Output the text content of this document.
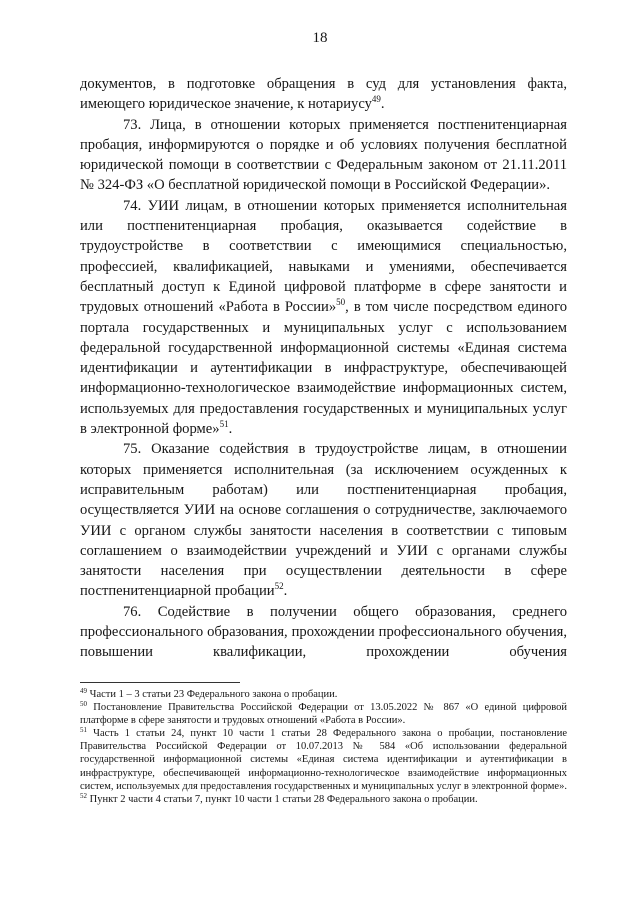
18

документов, в подготовке обращения в суд для установления факта, имеющего юридическое значение, к нотариусу$^{49}$.

73. Лица, в отношении которых применяется постпенитенциарная пробация, информируются о порядке и об условиях получения бесплатной юридической помощи в соответствии с Федеральным законом от 21.11.2011 № 324-ФЗ «О бесплатной юридической помощи в Российской Федерации».

74. УИИ лицам, в отношении которых применяется исполнительная или постпенитенциарная пробация, оказывается содействие в трудоустройстве в соответствии с имеющимися специальностью, профессией, квалификацией, навыками и умениями, обеспечивается бесплатный доступ к Единой цифровой платформе в сфере занятости и трудовых отношений «Работа в России»$^{50}$, в том числе посредством единого портала государственных и муниципальных услуг с использованием федеральной государственной информационной системы «Единая система идентификации и аутентификации в инфраструктуре, обеспечивающей информационно-технологическое взаимодействие информационных систем, используемых для предоставления государственных и муниципальных услуг в электронной форме»$^{51}$.

75. Оказание содействия в трудоустройстве лицам, в отношении которых применяется исполнительная (за исключением осужденных к исправительным работам) или постпенитенциарная пробация, осуществляется УИИ на основе соглашения о сотрудничестве, заключаемого УИИ с органом службы занятости населения в соответствии с типовым соглашением о взаимодействии учреждений и УИИ с органами службы занятости населения при осуществлении деятельности в сфере постпенитенциарной пробации$^{52}$.

76. Содействие в получении общего образования, среднего профессионального образования, прохождении профессионального обучения, повышении квалификации, прохождении обучения

$^{49}$ Части 1 – 3 статьи 23 Федерального закона о пробации.

$^{50}$ Постановление Правительства Российской Федерации от 13.05.2022 № 867 «О единой цифровой платформе в сфере занятости и трудовых отношений «Работа в России».

$^{51}$ Часть 1 статьи 24, пункт 10 части 1 статьи 28 Федерального закона о пробации, постановление Правительства Российской Федерации от 10.07.2013 № 584 «Об использовании федеральной государственной информационной системы «Единая система идентификации и аутентификации в инфраструктуре, обеспечивающей информационно-технологическое взаимодействие информационных систем, используемых для предоставления государственных и муниципальных услуг в электронной форме».

$^{52}$ Пункт 2 части 4 статьи 7, пункт 10 части 1 статьи 28 Федерального закона о пробации.
